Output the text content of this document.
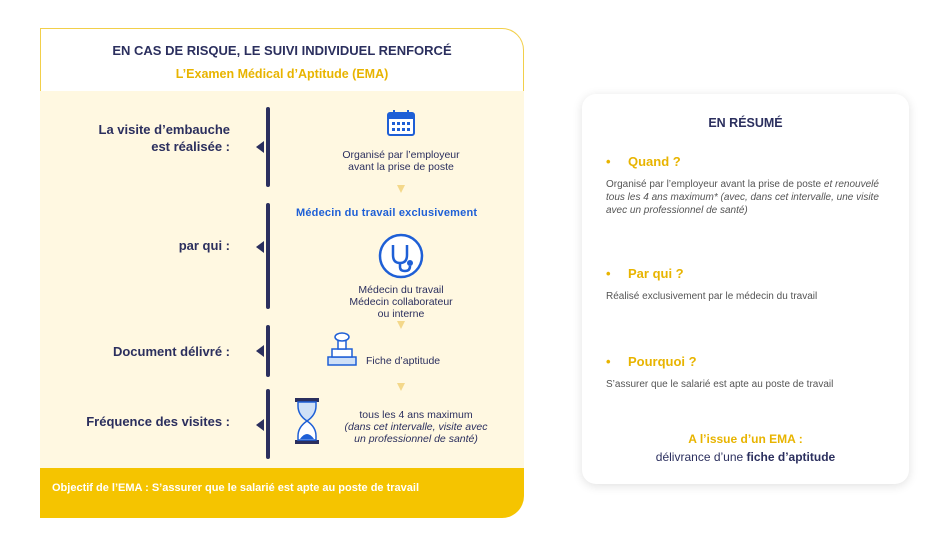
EN CAS DE RISQUE, LE SUIVI INDIVIDUEL RENFORCÉ
L’Examen Médical d’Aptitude (EMA)
La visite d’embauche
est réalisée :
Organisé par l’employeur
avant la prise de poste
par qui :
Médecin du travail exclusivement
Médecin du travail
Médecin collaborateur
ou interne
Document délivré :
Fiche d’aptitude
Fréquence des visites :	tous les 4 ans maximum
(dans cet intervalle, visite avec
un professionnel de santé)
Objectif de l’EMA : S’assurer que le salarié est apte au poste de travail
EN RÉSUMÉ
• Quand ?
Organisé par l’employeur avant la prise de poste et renouvelé tous les 4 ans maximum* (avec, dans cet intervalle, une visite avec un professionnel de santé)
• Par qui ?
Réalisé exclusivement par le médecin du travail
• Pourquoi ?
S’assurer que le salarié est apte au poste de travail
A l’issue d’un EMA :
délivrance d’une fiche d’aptitude
